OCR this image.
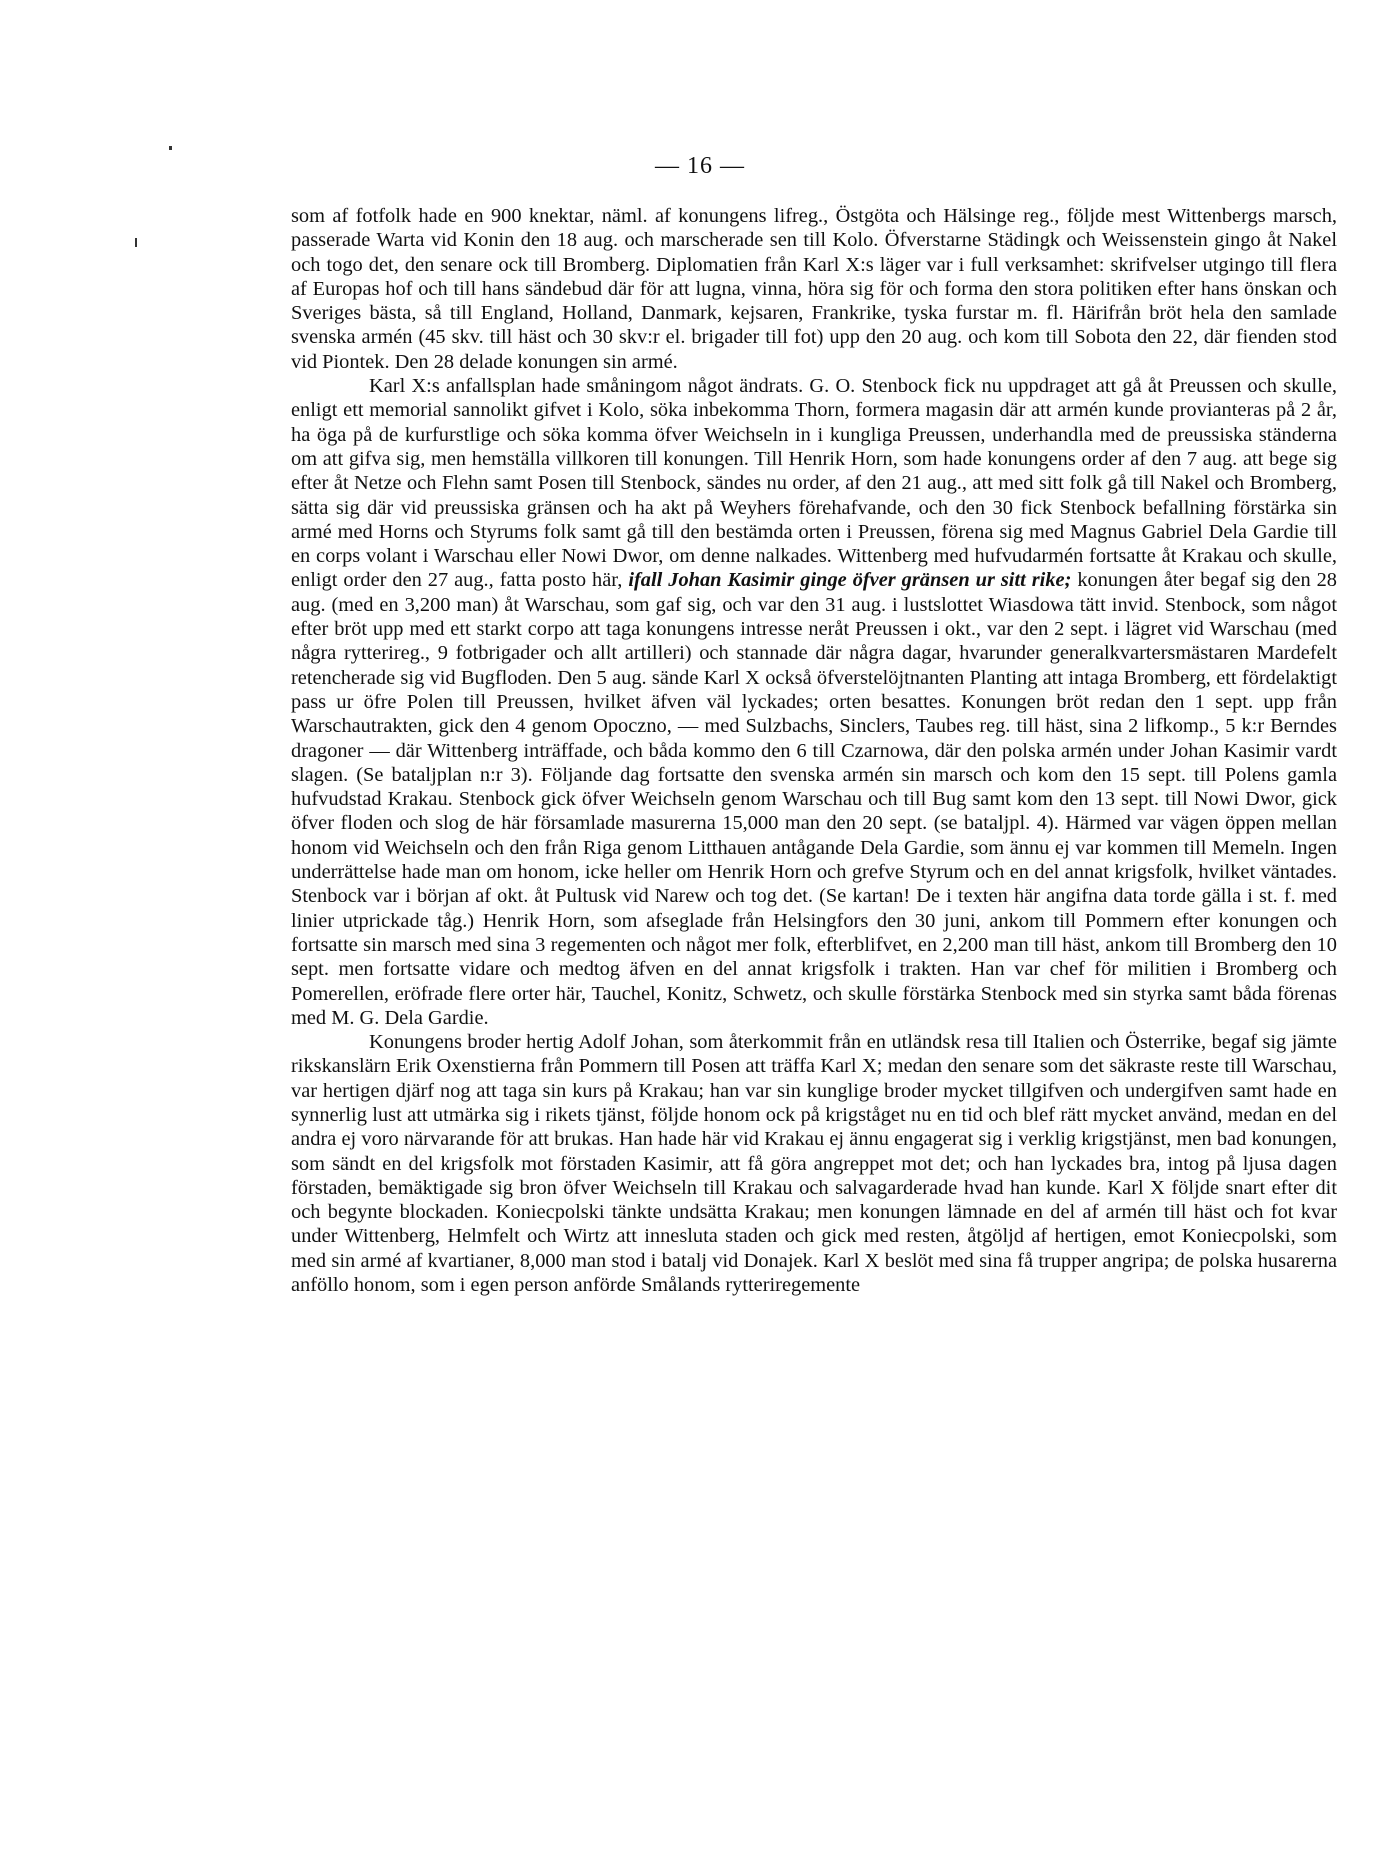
— 16 —

som af fotfolk hade en 900 knektar, näml. af konungens lifreg., Östgöta och Hälsinge reg., följde mest Wittenbergs marsch, passerade Warta vid Konin den 18 aug. och marscherade sen till Kolo. Öfverstarne Städingk och Weissenstein gingo åt Nakel och togo det, den senare ock till Bromberg. Diplomatien från Karl X:s läger var i full verksamhet: skrifvelser utgingo till flera af Europas hof och till hans sändebud där för att lugna, vinna, höra sig för och forma den stora politiken efter hans önskan och Sveriges bästa, så till England, Holland, Danmark, kejsaren, Frankrike, tyska furstar m. fl. Härifrån bröt hela den samlade svenska armén (45 skv. till häst och 30 skv:r el. brigader till fot) upp den 20 aug. och kom till Sobota den 22, där fienden stod vid Piontek. Den 28 delade konungen sin armé.

Karl X:s anfallsplan hade småningom något ändrats. G. O. Stenbock fick nu uppdraget att gå åt Preussen och skulle, enligt ett memorial sannolikt gifvet i Kolo, söka inbekomma Thorn, formera magasin där att armén kunde provianteras på 2 år, ha öga på de kurfurstlige och söka komma öfver Weichseln in i kungliga Preussen, underhandla med de preussiska ständerna om att gifva sig, men hemställa villkoren till konungen. Till Henrik Horn, som hade konungens order af den 7 aug. att bege sig efter åt Netze och Flehn samt Posen till Stenbock, sändes nu order, af den 21 aug., att med sitt folk gå till Nakel och Bromberg, sätta sig där vid preussiska gränsen och ha akt på Weyhers förehafvande, och den 30 fick Stenbock befallning förstärka sin armé med Horns och Styrums folk samt gå till den bestämda orten i Preussen, förena sig med Magnus Gabriel Dela Gardie till en corps volant i Warschau eller Nowi Dwor, om denne nalkades. Wittenberg med hufvudarmén fortsatte åt Krakau och skulle, enligt order den 27 aug., fatta posto här, ifall Johan Kasimir ginge öfver gränsen ur sitt rike; konungen åter begaf sig den 28 aug. (med en 3,200 man) åt Warschau, som gaf sig, och var den 31 aug. i lustslottet Wiasdowa tätt invid. Stenbock, som något efter bröt upp med ett starkt corpo att taga konungens intresse neråt Preussen i okt., var den 2 sept. i lägret vid Warschau (med några rytterireg., 9 fotbrigader och allt artilleri) och stannade där några dagar, hvarunder generalkvartersmästaren Mardefelt retencherade sig vid Bugfloden. Den 5 aug. sände Karl X också öfverstelöjtnanten Planting att intaga Bromberg, ett fördelaktigt pass ur öfre Polen till Preussen, hvilket äfven väl lyckades; orten besattes. Konungen bröt redan den 1 sept. upp från Warschautrakten, gick den 4 genom Opoczno, — med Sulzbachs, Sinclers, Taubes reg. till häst, sina 2 lifkomp., 5 k:r Berndes dragoner — där Wittenberg inträffade, och båda kommo den 6 till Czarnowa, där den polska armén under Johan Kasimir vardt slagen. (Se bataljplan n:r 3). Följande dag fortsatte den svenska armén sin marsch och kom den 15 sept. till Polens gamla hufvudstad Krakau. Stenbock gick öfver Weichseln genom Warschau och till Bug samt kom den 13 sept. till Nowi Dwor, gick öfver floden och slog de här församlade masurerna 15,000 man den 20 sept. (se bataljpl. 4). Härmed var vägen öppen mellan honom vid Weichseln och den från Riga genom Litthauen antågande Dela Gardie, som ännu ej var kommen till Memeln. Ingen underrättelse hade man om honom, icke heller om Henrik Horn och grefve Styrum och en del annat krigsfolk, hvilket väntades. Stenbock var i början af okt. åt Pultusk vid Narew och tog det. (Se kartan! De i texten här angifna data torde gälla i st. f. med linier utprickade tåg.) Henrik Horn, som afseglade från Helsingfors den 30 juni, ankom till Pommern efter konungen och fortsatte sin marsch med sina 3 regementen och något mer folk, efterblifvet, en 2,200 man till häst, ankom till Bromberg den 10 sept. men fortsatte vidare och medtog äfven en del annat krigsfolk i trakten. Han var chef för militien i Bromberg och Pomerellen, eröfrade flere orter här, Tauchel, Konitz, Schwetz, och skulle förstärka Stenbock med sin styrka samt båda förenas med M. G. Dela Gardie.

Konungens broder hertig Adolf Johan, som återkommit från en utländsk resa till Italien och Österrike, begaf sig jämte rikskanslärn Erik Oxenstierna från Pommern till Posen att träffa Karl X; medan den senare som det säkraste reste till Warschau, var hertigen djärf nog att taga sin kurs på Krakau; han var sin kunglige broder mycket tillgifven och undergifven samt hade en synnerlig lust att utmärka sig i rikets tjänst, följde honom ock på krigståget nu en tid och blef rätt mycket använd, medan en del andra ej voro närvarande för att brukas. Han hade här vid Krakau ej ännu engagerat sig i verklig krigstjänst, men bad konungen, som sändt en del krigsfolk mot förstaden Kasimir, att få göra angreppet mot det; och han lyckades bra, intog på ljusa dagen förstaden, bemäktigade sig bron öfver Weichseln till Krakau och salvagarderade hvad han kunde. Karl X följde snart efter dit och begynte blockaden. Koniecpolski tänkte undsätta Krakau; men konungen lämnade en del af armén till häst och fot kvar under Wittenberg, Helmfelt och Wirtz att innesluta staden och gick med resten, åtgöljd af hertigen, emot Koniecpolski, som med sin armé af kvartianer, 8,000 man stod i batalj vid Donajek. Karl X beslöt med sina få trupper angripa; de polska husarerna anföllo honom, som i egen person anförde Smålands rytteriregemente
